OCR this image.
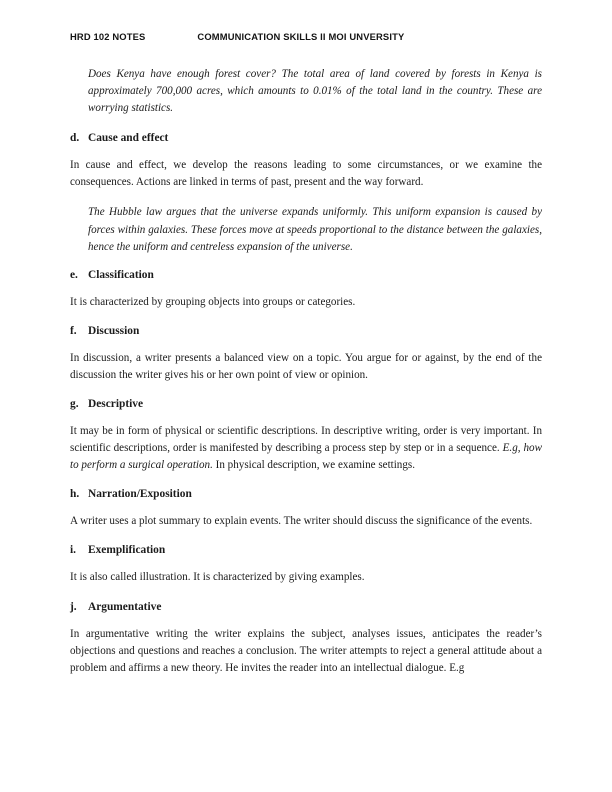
HRD 102 NOTES	COMMUNICATION SKILLS II MOI UNVERSITY

Does Kenya have enough forest cover? The total area of land covered by forests in Kenya is approximately 700,000 acres, which amounts to 0.01% of the total land in the country. These are worrying statistics.

d. Cause and effect

In cause and effect, we develop the reasons leading to some circumstances, or we examine the consequences. Actions are linked in terms of past, present and the way forward.

The Hubble law argues that the universe expands uniformly. This uniform expansion is caused by forces within galaxies. These forces move at speeds proportional to the distance between the galaxies, hence the uniform and centreless expansion of the universe.

e. Classification

It is characterized by grouping objects into groups or categories.

f. Discussion

In discussion, a writer presents a balanced view on a topic. You argue for or against, by the end of the discussion the writer gives his or her own point of view or opinion.

g. Descriptive

It may be in form of physical or scientific descriptions. In descriptive writing, order is very important. In scientific descriptions, order is manifested by describing a process step by step or in a sequence. E.g, how to perform a surgical operation. In physical description, we examine settings.

h. Narration/Exposition

A writer uses a plot summary to explain events. The writer should discuss the significance of the events.

i. Exemplification

It is also called illustration. It is characterized by giving examples.

j. Argumentative

In argumentative writing the writer explains the subject, analyses issues, anticipates the reader’s objections and questions and reaches a conclusion. The writer attempts to reject a general attitude about a problem and affirms a new theory. He invites the reader into an intellectual dialogue. E.g
